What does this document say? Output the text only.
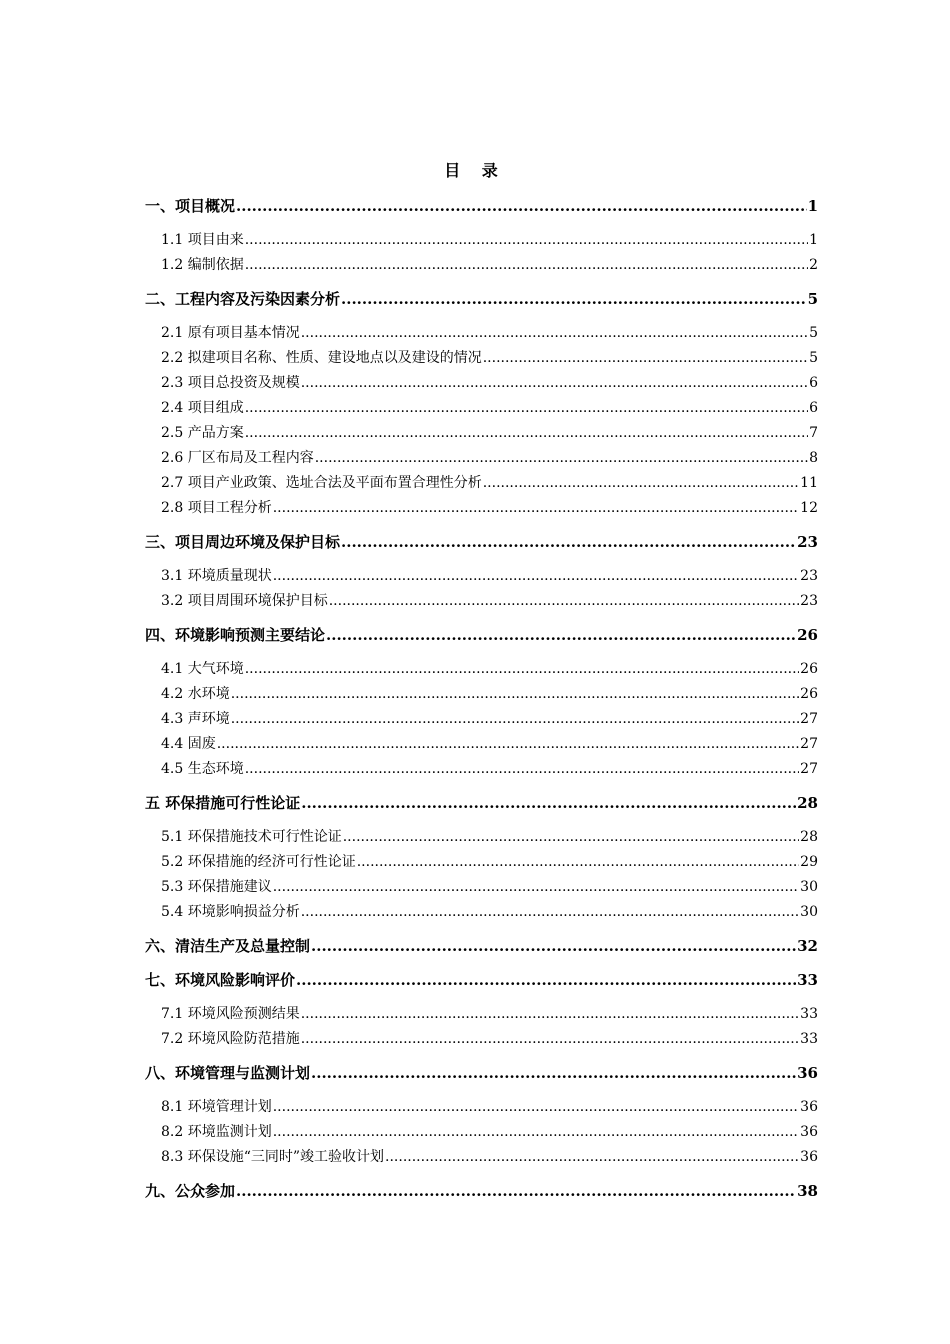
目 录
一、项目概况 .....	1
1.1 项目由来 .....	1
1.2 编制依据 .....	2
二、工程内容及污染因素分析 .....	5
2.1 原有项目基本情况 .....	5
2.2 拟建项目名称、性质、建设地点以及建设的情况 .....	5
2.3 项目总投资及规模 .....	6
2.4 项目组成 .....	6
2.5 产品方案 .....	7
2.6 厂区布局及工程内容 .....	8
2.7 项目产业政策、选址合法及平面布置合理性分析 .....	11
2.8 项目工程分析 .....	12
三、项目周边环境及保护目标 .....	23
3.1 环境质量现状 .....	23
3.2 项目周围环境保护目标 .....	23
四、环境影响预测主要结论 .....	26
4.1 大气环境 .....	26
4.2 水环境 .....	26
4.3 声环境 .....	27
4.4 固废 .....	27
4.5 生态环境 .....	27
五 环保措施可行性论证 .....	28
5.1 环保措施技术可行性论证 .....	28
5.2 环保措施的经济可行性论证 .....	29
5.3 环保措施建议 .....	30
5.4 环境影响损益分析 .....	30
六、清洁生产及总量控制 .....	32
七、环境风险影响评价 .....	33
7.1 环境风险预测结果 .....	33
7.2 环境风险防范措施 .....	33
八、环境管理与监测计划 .....	36
8.1 环境管理计划 .....	36
8.2 环境监测计划 .....	36
8.3 环保设施“三同时”竣工验收计划 .....	36
九、公众参加 .....	38
